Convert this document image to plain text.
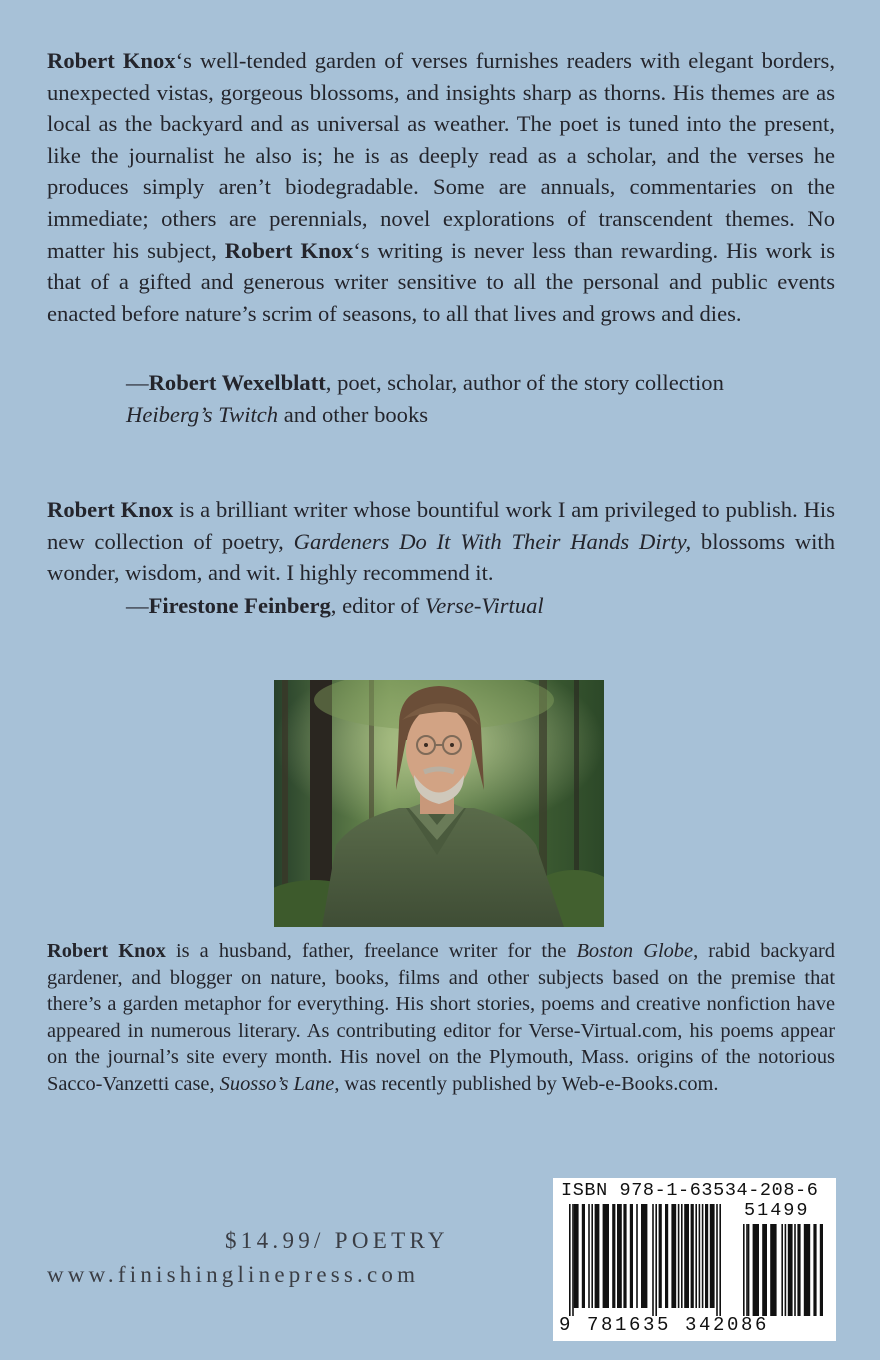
Robert Knox‘s well-tended garden of verses furnishes readers with elegant borders, unexpected vistas, gorgeous blossoms, and insights sharp as thorns. His themes are as local as the backyard and as universal as weather. The poet is tuned into the present, like the journalist he also is; he is as deeply read as a scholar, and the verses he produces simply aren’t biodegradable. Some are annuals, commentaries on the immediate; others are perennials, novel explorations of transcendent themes. No matter his subject, Robert Knox‘s writing is never less than rewarding. His work is that of a gifted and generous writer sensitive to all the personal and public events enacted before nature’s scrim of seasons, to all that lives and grows and dies.

—Robert Wexelblatt, poet, scholar, author of the story collection
Heiberg’s Twitch and other books

Robert Knox is a brilliant writer whose bountiful work I am privileged to publish. His new collection of poetry, Gardeners Do It With Their Hands Dirty, blossoms with wonder, wisdom, and wit. I highly recommend it.

—Firestone Feinberg, editor of Verse-Virtual

Robert Knox is a husband, father, freelance writer for the Boston Globe, rabid backyard gardener, and blogger on nature, books, films and other subjects based on the premise that there’s a garden metaphor for everything. His short stories, poems and creative nonfiction have appeared in numerous literary. As contributing editor for Verse-Virtual.com, his poems appear on the journal’s site every month. His novel on the Plymouth, Mass. origins of the notorious Sacco-Vanzetti case, Suosso’s Lane, was recently published by Web-e-Books.com.

$14.99/ POETRY
www.finishinglinepress.com
ISBN 978-1-63534-208-6
51499
9 781635 342086
